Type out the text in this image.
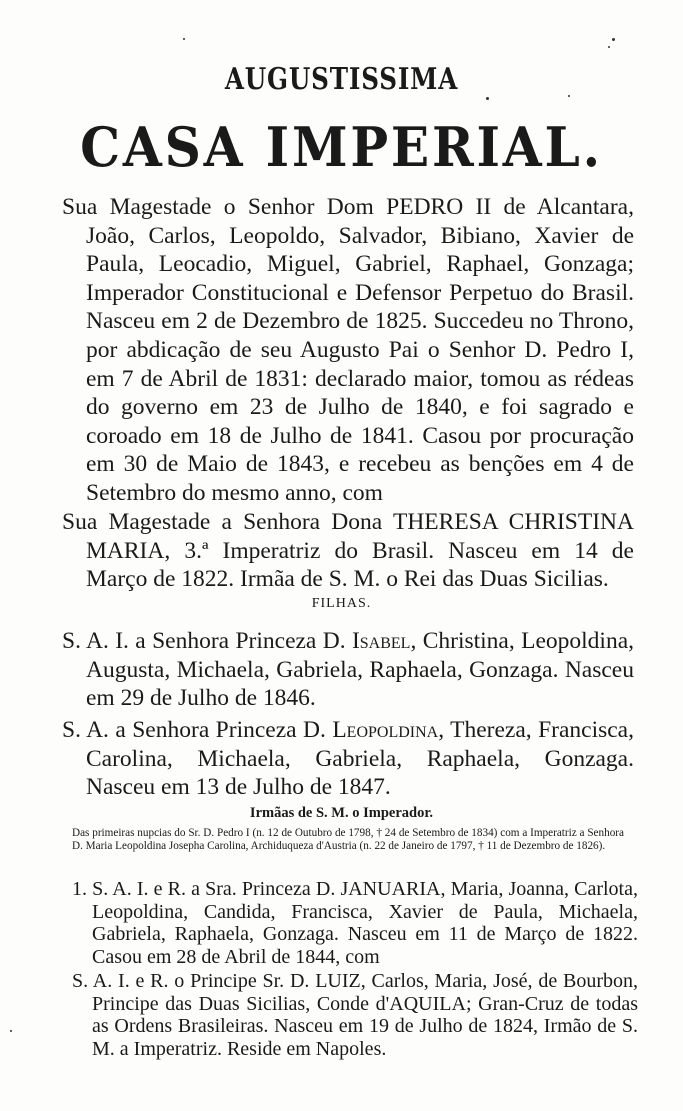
AUGUSTISSIMA
CASA IMPERIAL.
Sua Magestade o Senhor Dom PEDRO II de Alcantara, João, Carlos, Leopoldo, Salvador, Bibiano, Xavier de Paula, Leocadio, Miguel, Gabriel, Raphael, Gonzaga; Imperador Constitucional e Defensor Perpetuo do Brasil. Nasceu em 2 de Dezembro de 1825. Succedeu no Throno, por abdicação de seu Augusto Pai o Senhor D. Pedro I, em 7 de Abril de 1831: declarado maior, tomou as rédeas do governo em 23 de Julho de 1840, e foi sagrado e coroado em 18 de Julho de 1841. Casou por procuração em 30 de Maio de 1843, e recebeu as benções em 4 de Setembro do mesmo anno, com
Sua Magestade a Senhora Dona THERESA CHRISTINA MARIA, 3.ª Imperatriz do Brasil. Nasceu em 14 de Março de 1822. Irmãa de S. M. o Rei das Duas Sicilias.
FILHAS.
S. A. I. a Senhora Princeza D. Isabel, Christina, Leopoldina, Augusta, Michaela, Gabriela, Raphaela, Gonzaga. Nasceu em 29 de Julho de 1846.
S. A. a Senhora Princeza D. Leopoldina, Thereza, Francisca, Carolina, Michaela, Gabriela, Raphaela, Gonzaga. Nasceu em 13 de Julho de 1847.
Irmãas de S. M. o Imperador.
Das primeiras nupcias do Sr. D. Pedro I (n. 12 de Outubro de 1798, † 24 de Setembro de 1834) com a Imperatriz a Senhora D. Maria Leopoldina Josepha Carolina, Archiduqueza d'Austria (n. 22 de Janeiro de 1797, † 11 de Dezembro de 1826).
1. S. A. I. e R. a Sra. Princeza D. JANUARIA, Maria, Joanna, Carlota, Leopoldina, Candida, Francisca, Xavier de Paula, Michaela, Gabriela, Raphaela, Gonzaga. Nasceu em 11 de Março de 1822. Casou em 28 de Abril de 1844, com
S. A. I. e R. o Principe Sr. D. LUIZ, Carlos, Maria, José, de Bourbon, Principe das Duas Sicilias, Conde d'AQUILA; Gran-Cruz de todas as Ordens Brasileiras. Nasceu em 19 de Julho de 1824, Irmão de S. M. a Imperatriz. Reside em Napoles.
